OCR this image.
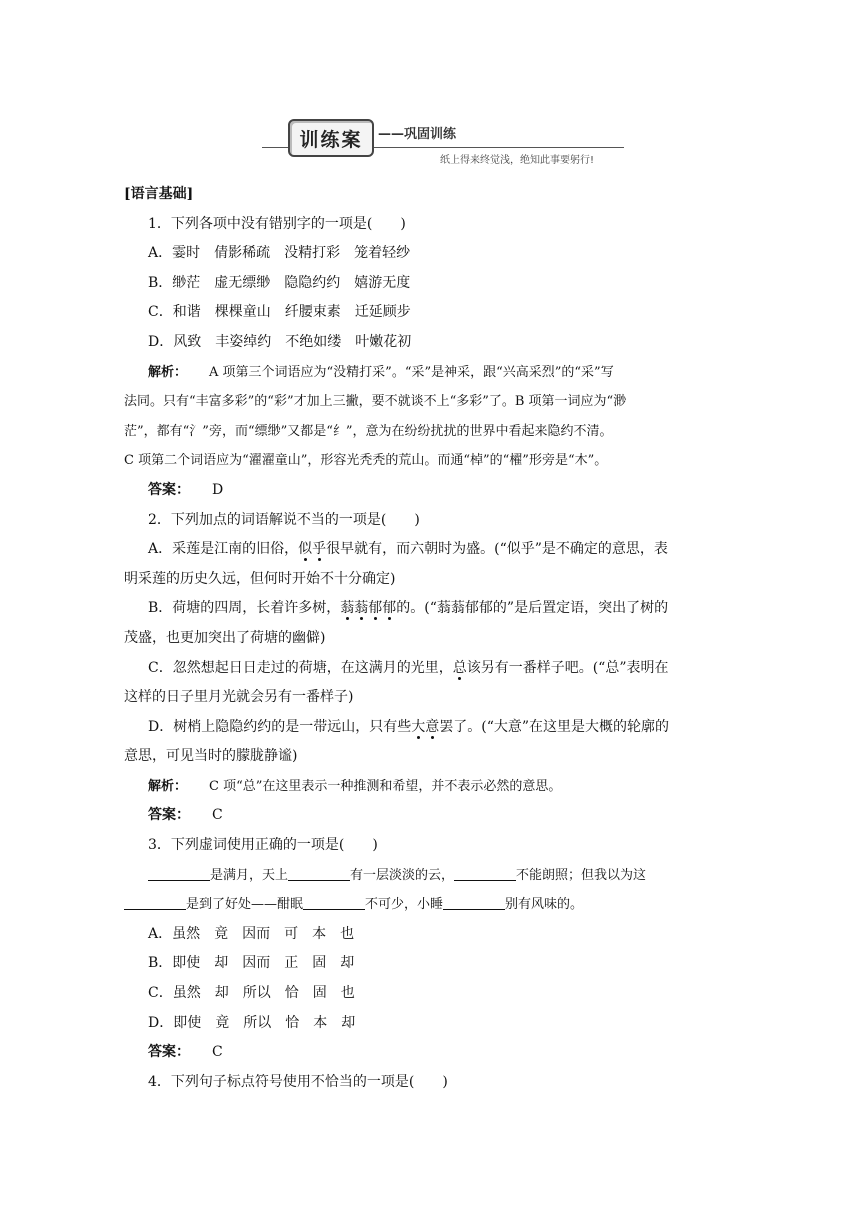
训练案	——巩固训练
纸上得来终觉浅，绝知此事要躬行!
[语言基础]
1．下列各项中没有错别字的一项是(　　)
A．霎时　倩影稀疏　没精打彩　笼着轻纱
B．缈茫　虚无缥缈　隐隐约约　嬉游无度
C．和谐　棵棵童山　纤腰束素　迁延顾步
D．风致　丰姿绰约　不绝如缕　叶嫩花初
解析： A 项第三个词语应为“没精打采”。“采”是神采，跟“兴高采烈”的“采”写
法同。只有“丰富多彩”的“彩”才加上三撇，要不就谈不上“多彩”了。B 项第一词应为“渺
茫”，都有“氵”旁，而“缥缈”又都是“纟”，意为在纷纷扰扰的世界中看起来隐约不清。
C 项第二个词语应为“濯濯童山”，形容光秃秃的荒山。而通“棹”的“櫂”形旁是“木”。
答案： D
2．下列加点的词语解说不当的一项是(　　)
A．采莲是江南的旧俗，似乎很早就有，而六朝时为盛。(“似乎”是不确定的意思，表
明采莲的历史久远，但何时开始不十分确定)
B．荷塘的四周，长着许多树，蓊蓊郁郁的。(“蓊蓊郁郁的”是后置定语，突出了树的
茂盛，也更加突出了荷塘的幽僻)
C．忽然想起日日走过的荷塘，在这满月的光里，总该另有一番样子吧。(“总”表明在
这样的日子里月光就会另有一番样子)
D．树梢上隐隐约约的是一带远山，只有些大意罢了。(“大意”在这里是大概的轮廓的
意思，可见当时的朦胧静谧)
解析： C 项“总”在这里表示一种推测和希望，并不表示必然的意思。
答案： C
3．下列虚词使用正确的一项是(　　)
是满月，天上	有一层淡淡的云，	不能朗照；但我以为这
是到了好处——酣眠	不可少，小睡	别有风味的。
A．虽然　竟　因而　可　本　也
B．即使　却　因而　正　固　却
C．虽然　却　所以　恰　固　也
D．即使　竟　所以　恰　本　却
答案： C
4．下列句子标点符号使用不恰当的一项是(　　)
